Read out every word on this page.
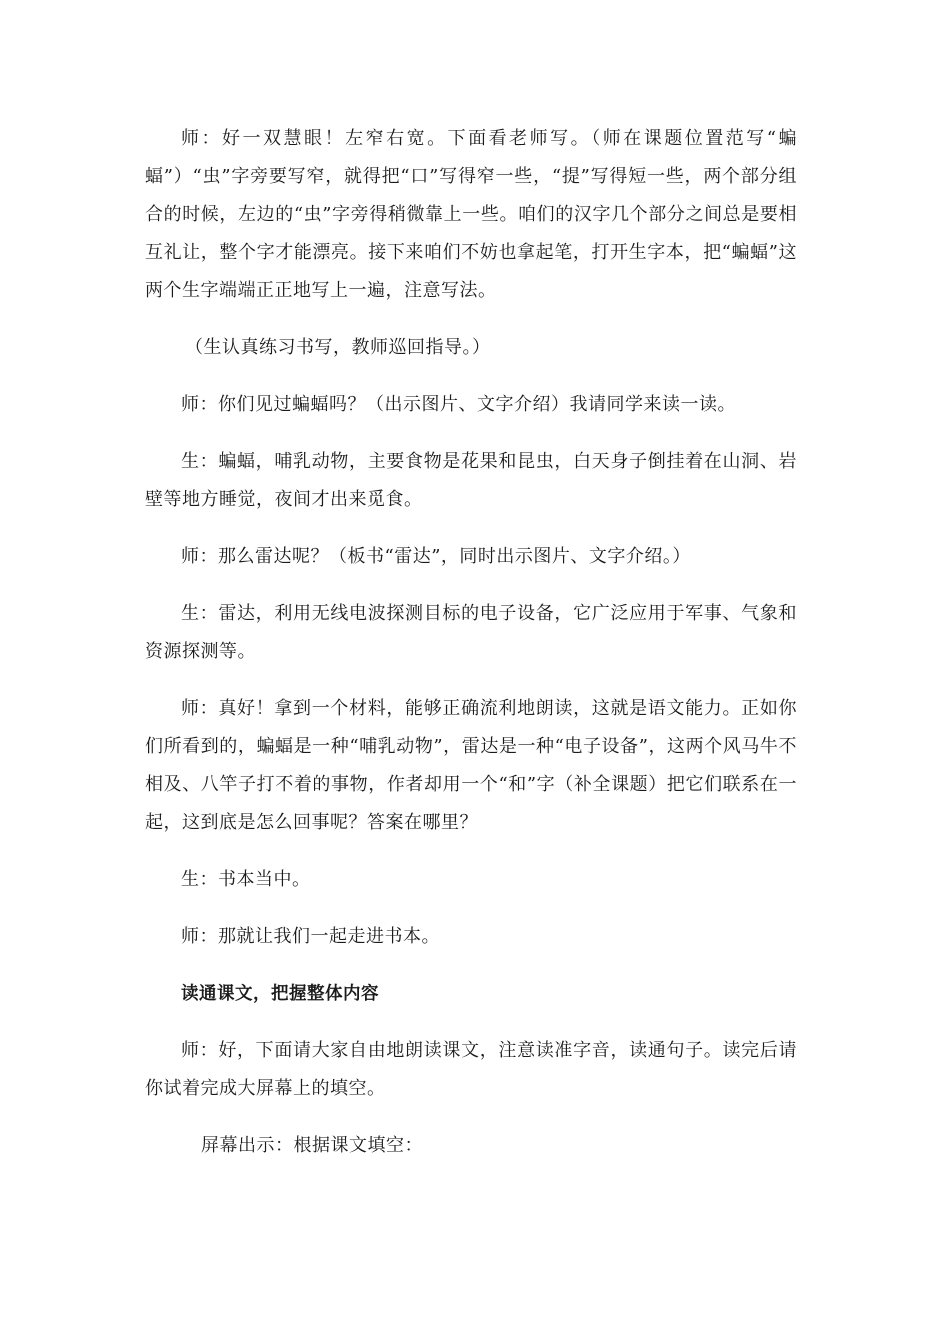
师：好一双慧眼！左窄右宽。下面看老师写。（师在课题位置范写“蝙蝠”）“虫”字旁要写窄，就得把“口”写得窄一些，“提”写得短一些，两个部分组合的时候，左边的“虫”字旁得稍微靠上一些。咱们的汉字几个部分之间总是要相互礼让，整个字才能漂亮。接下来咱们不妨也拿起笔，打开生字本，把“蝙蝠”这两个生字端端正正地写上一遍，注意写法。

（生认真练习书写，教师巡回指导。）

师：你们见过蝙蝠吗？（出示图片、文字介绍）我请同学来读一读。

生：蝙蝠，哺乳动物，主要食物是花果和昆虫，白天身子倒挂着在山洞、岩壁等地方睡觉，夜间才出来觅食。

师：那么雷达呢？（板书“雷达”，同时出示图片、文字介绍。）

生：雷达，利用无线电波探测目标的电子设备，它广泛应用于军事、气象和资源探测等。

师：真好！拿到一个材料，能够正确流利地朗读，这就是语文能力。正如你们所看到的，蝙蝠是一种“哺乳动物”，雷达是一种“电子设备”，这两个风马牛不相及、八竿子打不着的事物，作者却用一个“和”字（补全课题）把它们联系在一起，这到底是怎么回事呢？答案在哪里？

生：书本当中。

师：那就让我们一起走进书本。

读通课文，把握整体内容

师：好，下面请大家自由地朗读课文，注意读准字音，读通句子。读完后请你试着完成大屏幕上的填空。

屏幕出示：根据课文填空：
